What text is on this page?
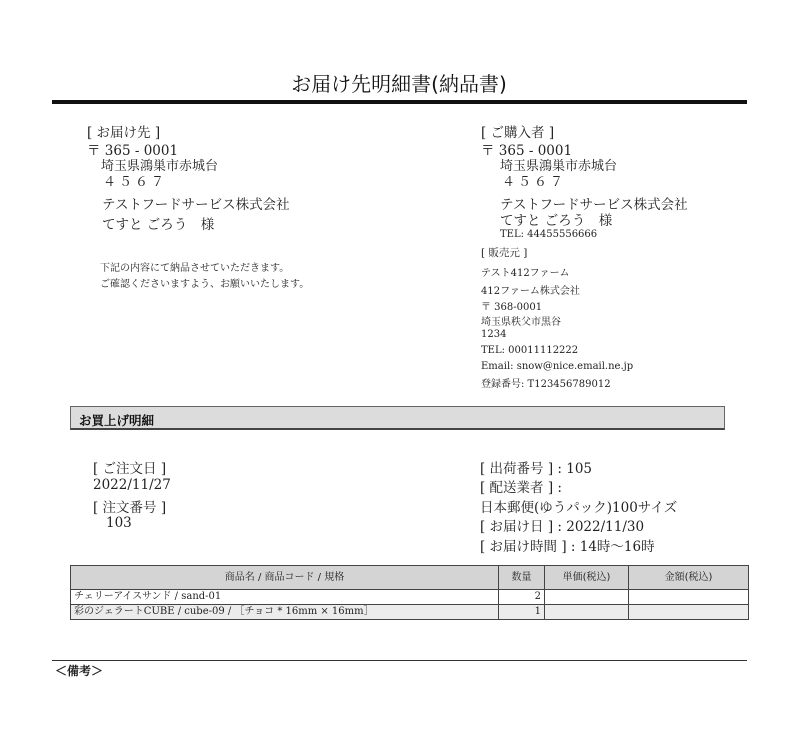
お届け先明細書(納品書)
[ お届け先 ]
〒 365 - 0001
埼玉県鴻巣市赤城台
４５６７
テストフードサービス株式会社
てすと ごろう　様
下記の内容にて納品させていただきます。
ご確認くださいますよう、お願いいたします。
[ ご購入者 ]
〒 365 - 0001
埼玉県鴻巣市赤城台
４５６７
テストフードサービス株式会社
てすと ごろう　様
TEL: 44455556666
[ 販売元 ]
テスト412ファーム
412ファーム株式会社
〒 368-0001
埼玉県秩父市黒谷
1234
TEL: 00011112222
Email: snow@nice.email.ne.jp
登録番号: T123456789012
お買上げ明細
[ ご注文日 ]
2022/11/27
[ 注文番号 ]
103
[ 出荷番号 ] : 105
[ 配送業者 ] :
日本郵便(ゆうパック)100サイズ
[ お届け日 ] : 2022/11/30
[ お届け時間 ] : 14時～16時
商品名 / 商品コード / 規格	数量	単価(税込)	金額(税込)
チェリーアイスサンド / sand-01	2		
彩のジェラートCUBE / cube-09 / ［チョコ * 16mm × 16mm］	1		
＜備考＞
